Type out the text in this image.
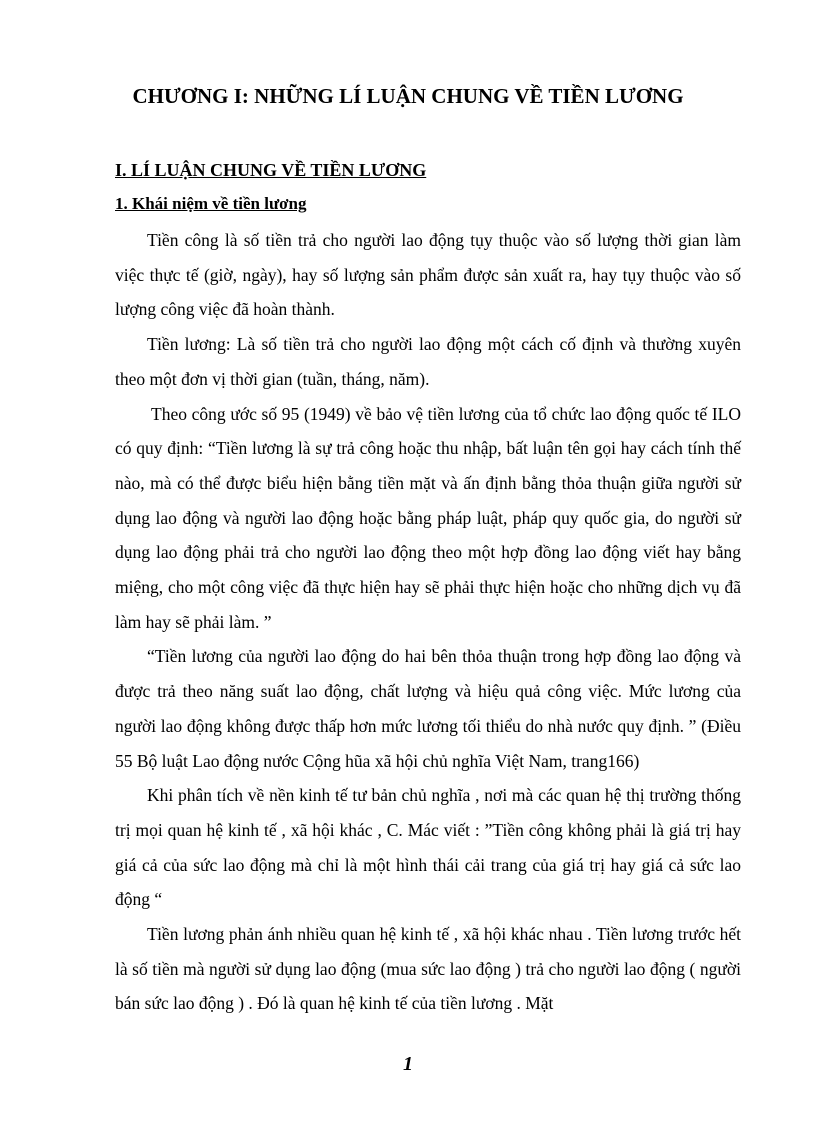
CHƯƠNG I: NHỮNG LÍ LUẬN CHUNG VỀ TIỀN LƯƠNG
I. LÍ LUẬN CHUNG VỀ TIỀN LƯƠNG
1. Khái niệm về tiền lương

Tiền công là số tiền trả cho người lao động tụy thuộc vào số lượng thời gian làm việc thực tế (giờ, ngày), hay số lượng sản phẩm được sản xuất ra, hay tụy thuộc vào số lượng công việc đã hoàn thành.

Tiền lương: Là số tiền trả cho người lao động một cách cố định và thường xuyên theo một đơn vị thời gian (tuần, tháng, năm).

Theo công ước số 95 (1949) về bảo vệ tiền lương của tổ chức lao động quốc tế ILO có quy định: “Tiền lương là sự trả công hoặc thu nhập, bất luận tên gọi hay cách tính thế nào, mà có thể được biểu hiện bằng tiền mặt và ấn định bằng thỏa thuận giữa người sử dụng lao động và người lao động hoặc bằng pháp luật, pháp quy quốc gia, do người sử dụng lao động phải trả cho người lao động theo một hợp đồng lao động viết hay bằng miệng, cho một công việc đã thực hiện hay sẽ phải thực hiện hoặc cho những dịch vụ đã làm hay sẽ phải làm. ”

“Tiền lương của người lao động do hai bên thỏa thuận trong hợp đồng lao động và được trả theo năng suất lao động, chất lượng và hiệu quả công việc. Mức lương của người lao động không được thấp hơn mức lương tối thiểu do nhà nước quy định. ” (Điều 55 Bộ luật Lao động nước Cộng hũa xã hội chủ nghĩa Việt Nam, trang166)

Khi phân tích về nền kinh tế tư bản chủ nghĩa , nơi mà các quan hệ thị trường thống trị mọi quan hệ kinh tế , xã hội khác , C. Mác viết : ”Tiền công không phải là giá trị hay giá cả của sức lao động mà chỉ là một hình thái cải trang của giá trị hay giá cả sức lao động “

Tiền lương phản ánh nhiều quan hệ kinh tế , xã hội khác nhau . Tiền lương trước hết là số tiền mà người sử dụng lao động (mua sức lao động ) trả cho người lao động ( người bán sức lao động ) . Đó là quan hệ kinh tế của tiền lương . Mặt

1
